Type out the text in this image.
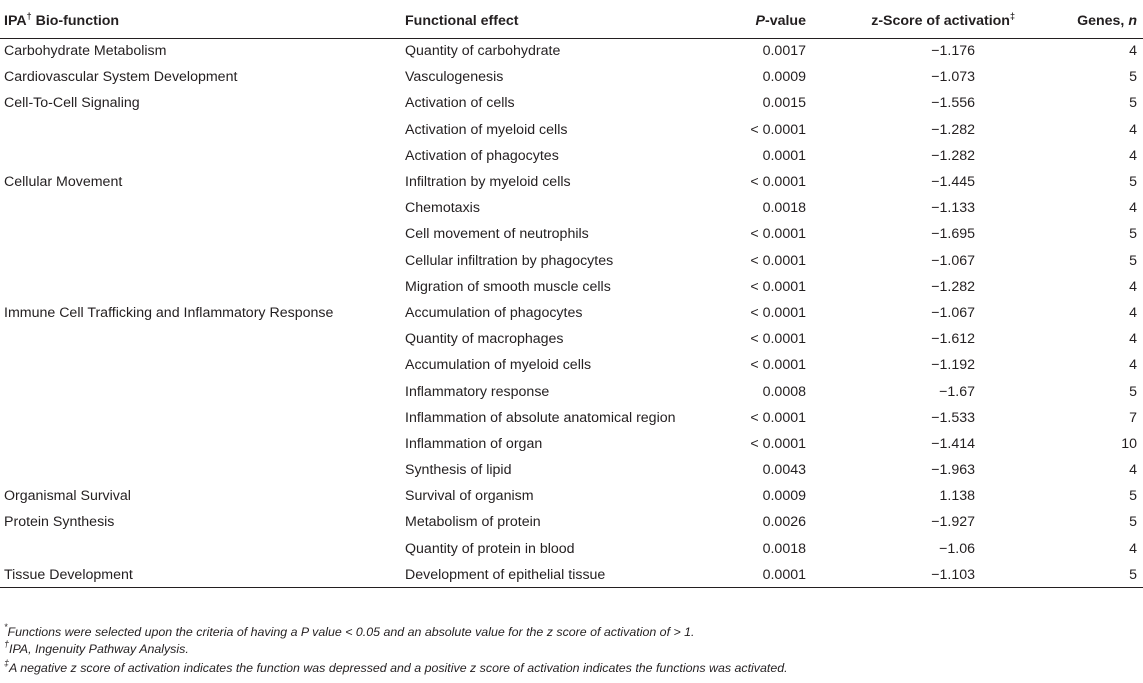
IPA† Bio-function	Functional effect	P-value	z-Score of activation‡	Genes, n
Carbohydrate Metabolism	Quantity of carbohydrate	0.0017	−1.176	4
Cardiovascular System Development	Vasculogenesis	0.0009	−1.073	5
Cell-To-Cell Signaling	Activation of cells	0.0015	−1.556	5
	Activation of myeloid cells	< 0.0001	−1.282	4
	Activation of phagocytes	0.0001	−1.282	4
Cellular Movement	Infiltration by myeloid cells	< 0.0001	−1.445	5
	Chemotaxis	0.0018	−1.133	4
	Cell movement of neutrophils	< 0.0001	−1.695	5
	Cellular infiltration by phagocytes	< 0.0001	−1.067	5
	Migration of smooth muscle cells	< 0.0001	−1.282	4
Immune Cell Trafficking and Inflammatory Response	Accumulation of phagocytes	< 0.0001	−1.067	4
	Quantity of macrophages	< 0.0001	−1.612	4
	Accumulation of myeloid cells	< 0.0001	−1.192	4
	Inflammatory response	0.0008	−1.67	5
	Inflammation of absolute anatomical region	< 0.0001	−1.533	7
	Inflammation of organ	< 0.0001	−1.414	10
	Synthesis of lipid	0.0043	−1.963	4
Organismal Survival	Survival of organism	0.0009	1.138	5
Protein Synthesis	Metabolism of protein	0.0026	−1.927	5
	Quantity of protein in blood	0.0018	−1.06	4
Tissue Development	Development of epithelial tissue	0.0001	−1.103	5
*Functions were selected upon the criteria of having a P value < 0.05 and an absolute value for the z score of activation of > 1.
†IPA, Ingenuity Pathway Analysis.
‡A negative z score of activation indicates the function was depressed and a positive z score of activation indicates the functions was activated.
